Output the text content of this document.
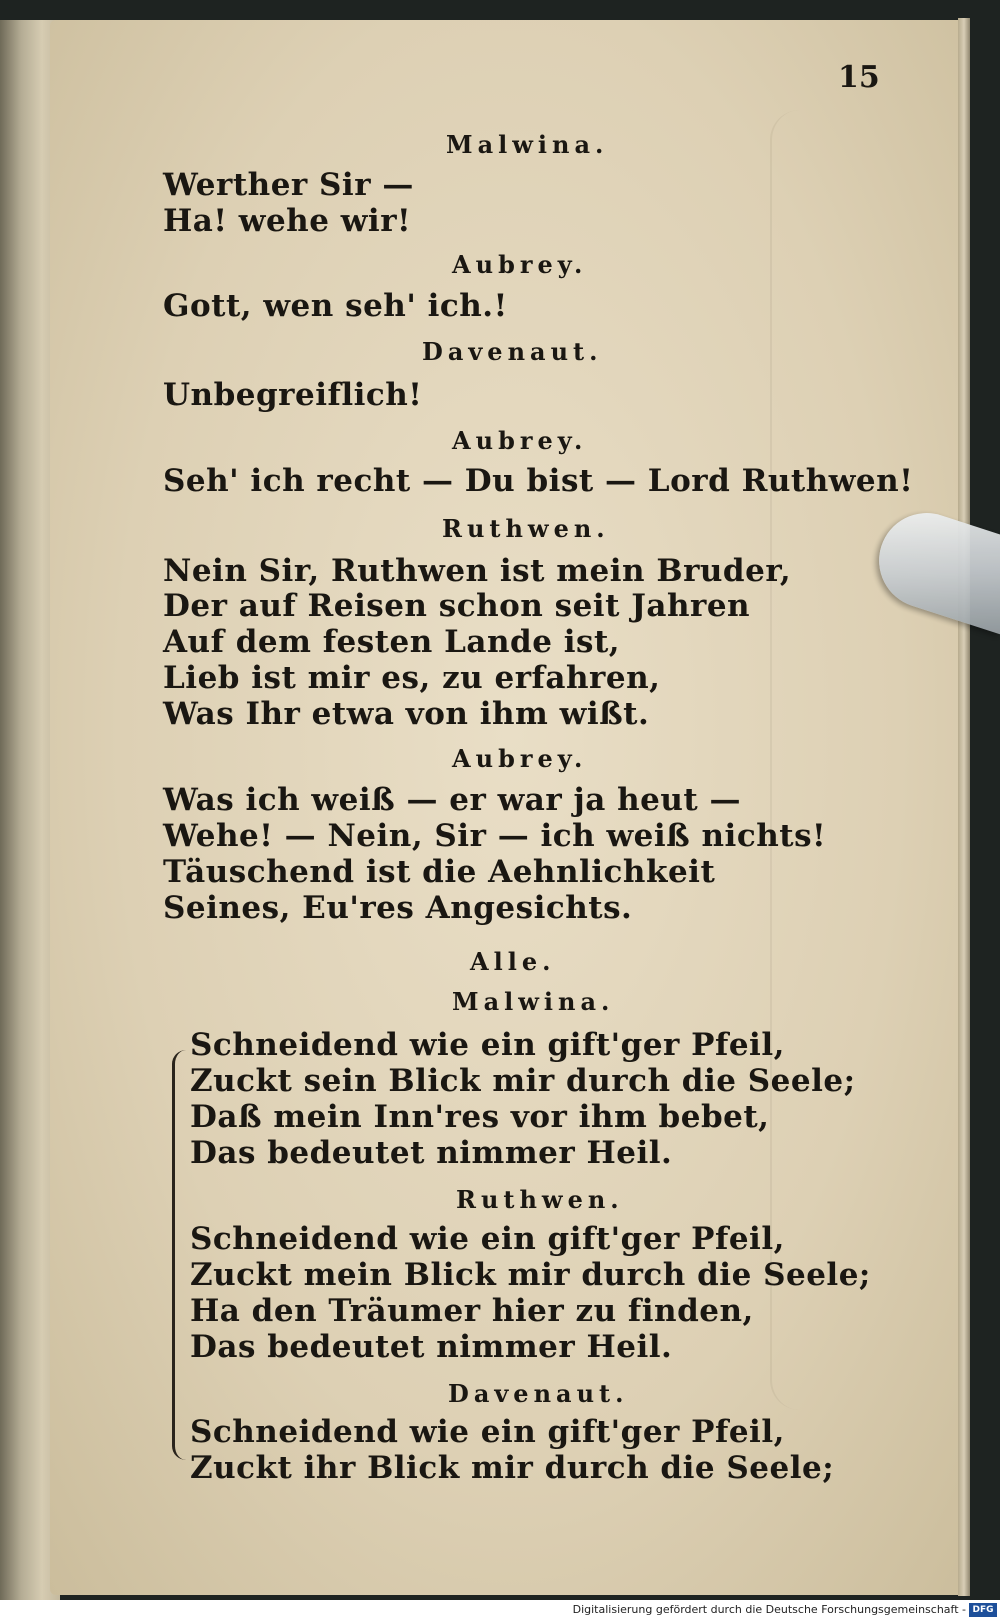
15
Malwina.
Werther Sir —
Ha! wehe wir!
Aubrey.
Gott, wen seh' ich.!
Davenaut.
Unbegreiflich!
Aubrey.
Seh' ich recht — Du bist — Lord Ruthwen!
Ruthwen.
Nein Sir, Ruthwen ist mein Bruder,
Der auf Reisen schon seit Jahren
Auf dem festen Lande ist,
Lieb ist mir es, zu erfahren,
Was Ihr etwa von ihm wißt.
Aubrey.
Was ich weiß — er war ja heut —
Wehe! — Nein, Sir — ich weiß nichts!
Täuschend ist die Aehnlichkeit
Seines, Eu'res Angesichts.
Alle.
Malwina.
Schneidend wie ein gift'ger Pfeil,
Zuckt sein Blick mir durch die Seele;
Daß mein Inn'res vor ihm bebet,
Das bedeutet nimmer Heil.
Ruthwen.
Schneidend wie ein gift'ger Pfeil,
Zuckt mein Blick mir durch die Seele;
Ha den Träumer hier zu finden,
Das bedeutet nimmer Heil.
Davenaut.
Schneidend wie ein gift'ger Pfeil,
Zuckt ihr Blick mir durch die Seele;
Digitalisierung gefördert durch die Deutsche Forschungsgemeinschaft - DFG
